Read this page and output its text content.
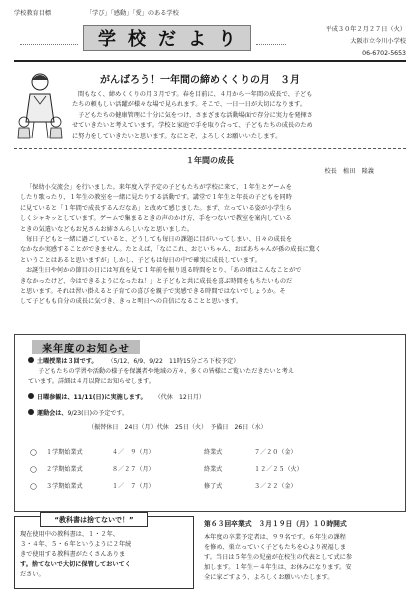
学校教育目標	「学び」「感動」「愛」のある学校
学 校 だ よ り	平成３０年２月２７日（火）
大阪市立今川小学校
06-6702-5653
がんばろう！一年間の締めくくりの月　３月

間もなく、締めくくりの月３月です。春を目前に、４月から一年間の成長で、子ども

たちの頼もしい活躍が様々な場で見られます。そこで、一日一日が大切になります。

子どもたちの健康管理に十分に気をつけ、さまざまな活動場面で存分に実力を発揮さ

せていきたいと考えています。学校と家庭で手を取り合って、子どもたちの成長のため

に努力をしていきたいと思います。なにとぞ、よろしくお願いいたします。

１年間の成長
校長　植田　隆義

「保幼小交流会」を行いました。来年度入学予定の子どもたちが学校に来て、１年生とゲームを

したり歌ったり、１年生の教室を一緒に見たりする活動です。講堂で１年生と年長の子どもを同時

に見ていると「１年間で成長するんだなあ」と改めて感じました。まず、立っている姿が小学生ら

しくシャキッとしています。ゲームで集まるときの声のかけ方、手をつないで教室を案内している

ときの気遣いなどもお兄さんお姉さんらしいなと思いました。

毎日子どもと一緒に過ごしていると、どうしても毎日の課題に目がいってしまい、日々の成長を

なかなか実感することができません。たとえば、「なにこれ、おじいちゃん、おばあちゃんが孫の成長に驚く

ということはあると思いますが」しかし、子どもは毎日の中で確実に成長しています。

お誕生日や何かの節目の日には写真を見て１年前を振り返る時間をとり、「あの頃はこんなことがで

きなかったけど、今はできるようになったね！」と子どもと共に成長を喜ぶ時間をもちたいものだ

と思います。それは習い掛えると子育ての喜びを親子で実感できる時間ではないでしょうか。そ

して子どもも自分の成長に気づき、きっと明日への自信になることと思います。

来年度のお知らせ
土曜授業は３回です。 （5/12、6/9、9/22　11時15分ごろ下校予定）
子どもたちの学習や活動の様子を保護者や地域の方々、多くの皆様にご覧いただきたいと考え
ています。詳細は４月以降にお知らせします。
日曜参観は、11/11(日)に実施します。 （代休　12日月）
運動会は、 9/23(日)の予定です。
（振替休日　24日（月）代休　25日（火）　予備日　26日（水）
◯	１学期始業式	４／　９（月）	終業式	７／２０（金）
◯	２学期始業式	８／２７（月）	終業式	１２／２５（火）
◯	３学期始業式	１／　７（月）	修了式	３／２２（金）
“教科書は捨てないで！”
現在使用中の教科書は、１・２年、
３・４年、５・６年というように２年続
きで使用する教科書がたくさんありま
す。捨てないで大切に保管しておいてく
ださい。
第６３回卒業式　３月１９日（月）１０時開式
本年度の卒業予定者は、９９名です。６年生の課程
を修め、巣立っていく子どもたちを心より祝福しま
す。当日は５年生の児童が在校生の代表として式に参
加します。１年生～４年生は、お休みになります。安
全に家ごすよう、よろしくお願いいたします。
